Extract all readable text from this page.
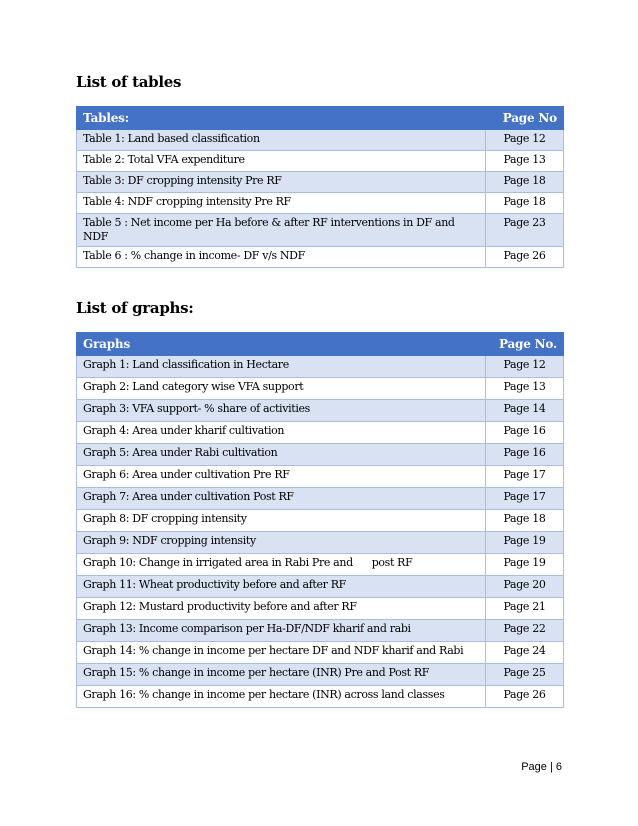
List of tables
Tables:	Page No
Table 1: Land based classification	Page 12
Table 2: Total VFA expenditure	Page 13
Table 3: DF cropping intensity Pre RF	Page 18
Table 4: NDF cropping intensity Pre RF	Page 18
Table 5 : Net income per Ha before & after RF interventions in DF and NDF	Page 23
Table 6 : % change in income- DF v/s NDF	Page 26
List of graphs:
Graphs	Page No.
Graph 1: Land classification in Hectare	Page 12
Graph 2: Land category wise VFA support	Page 13
Graph 3: VFA support- % share of activities	Page 14
Graph 4: Area under kharif cultivation	Page 16
Graph 5: Area under Rabi cultivation	Page 16
Graph 6: Area under cultivation Pre RF	Page 17
Graph 7: Area under cultivation Post RF	Page 17
Graph 8: DF cropping intensity	Page 18
Graph 9: NDF cropping intensity	Page 19
Graph 10: Change in irrigated area in Rabi Pre and      post RF	Page 19
Graph 11: Wheat productivity before and after RF	Page 20
Graph 12: Mustard productivity before and after RF	Page 21
Graph 13: Income comparison per Ha-DF/NDF kharif and rabi	Page 22
Graph 14: % change in income per hectare DF and NDF kharif and Rabi	Page 24
Graph 15: % change in income per hectare (INR) Pre and Post RF	Page 25
Graph 16: % change in income per hectare (INR) across land classes	Page 26
Page | 6
